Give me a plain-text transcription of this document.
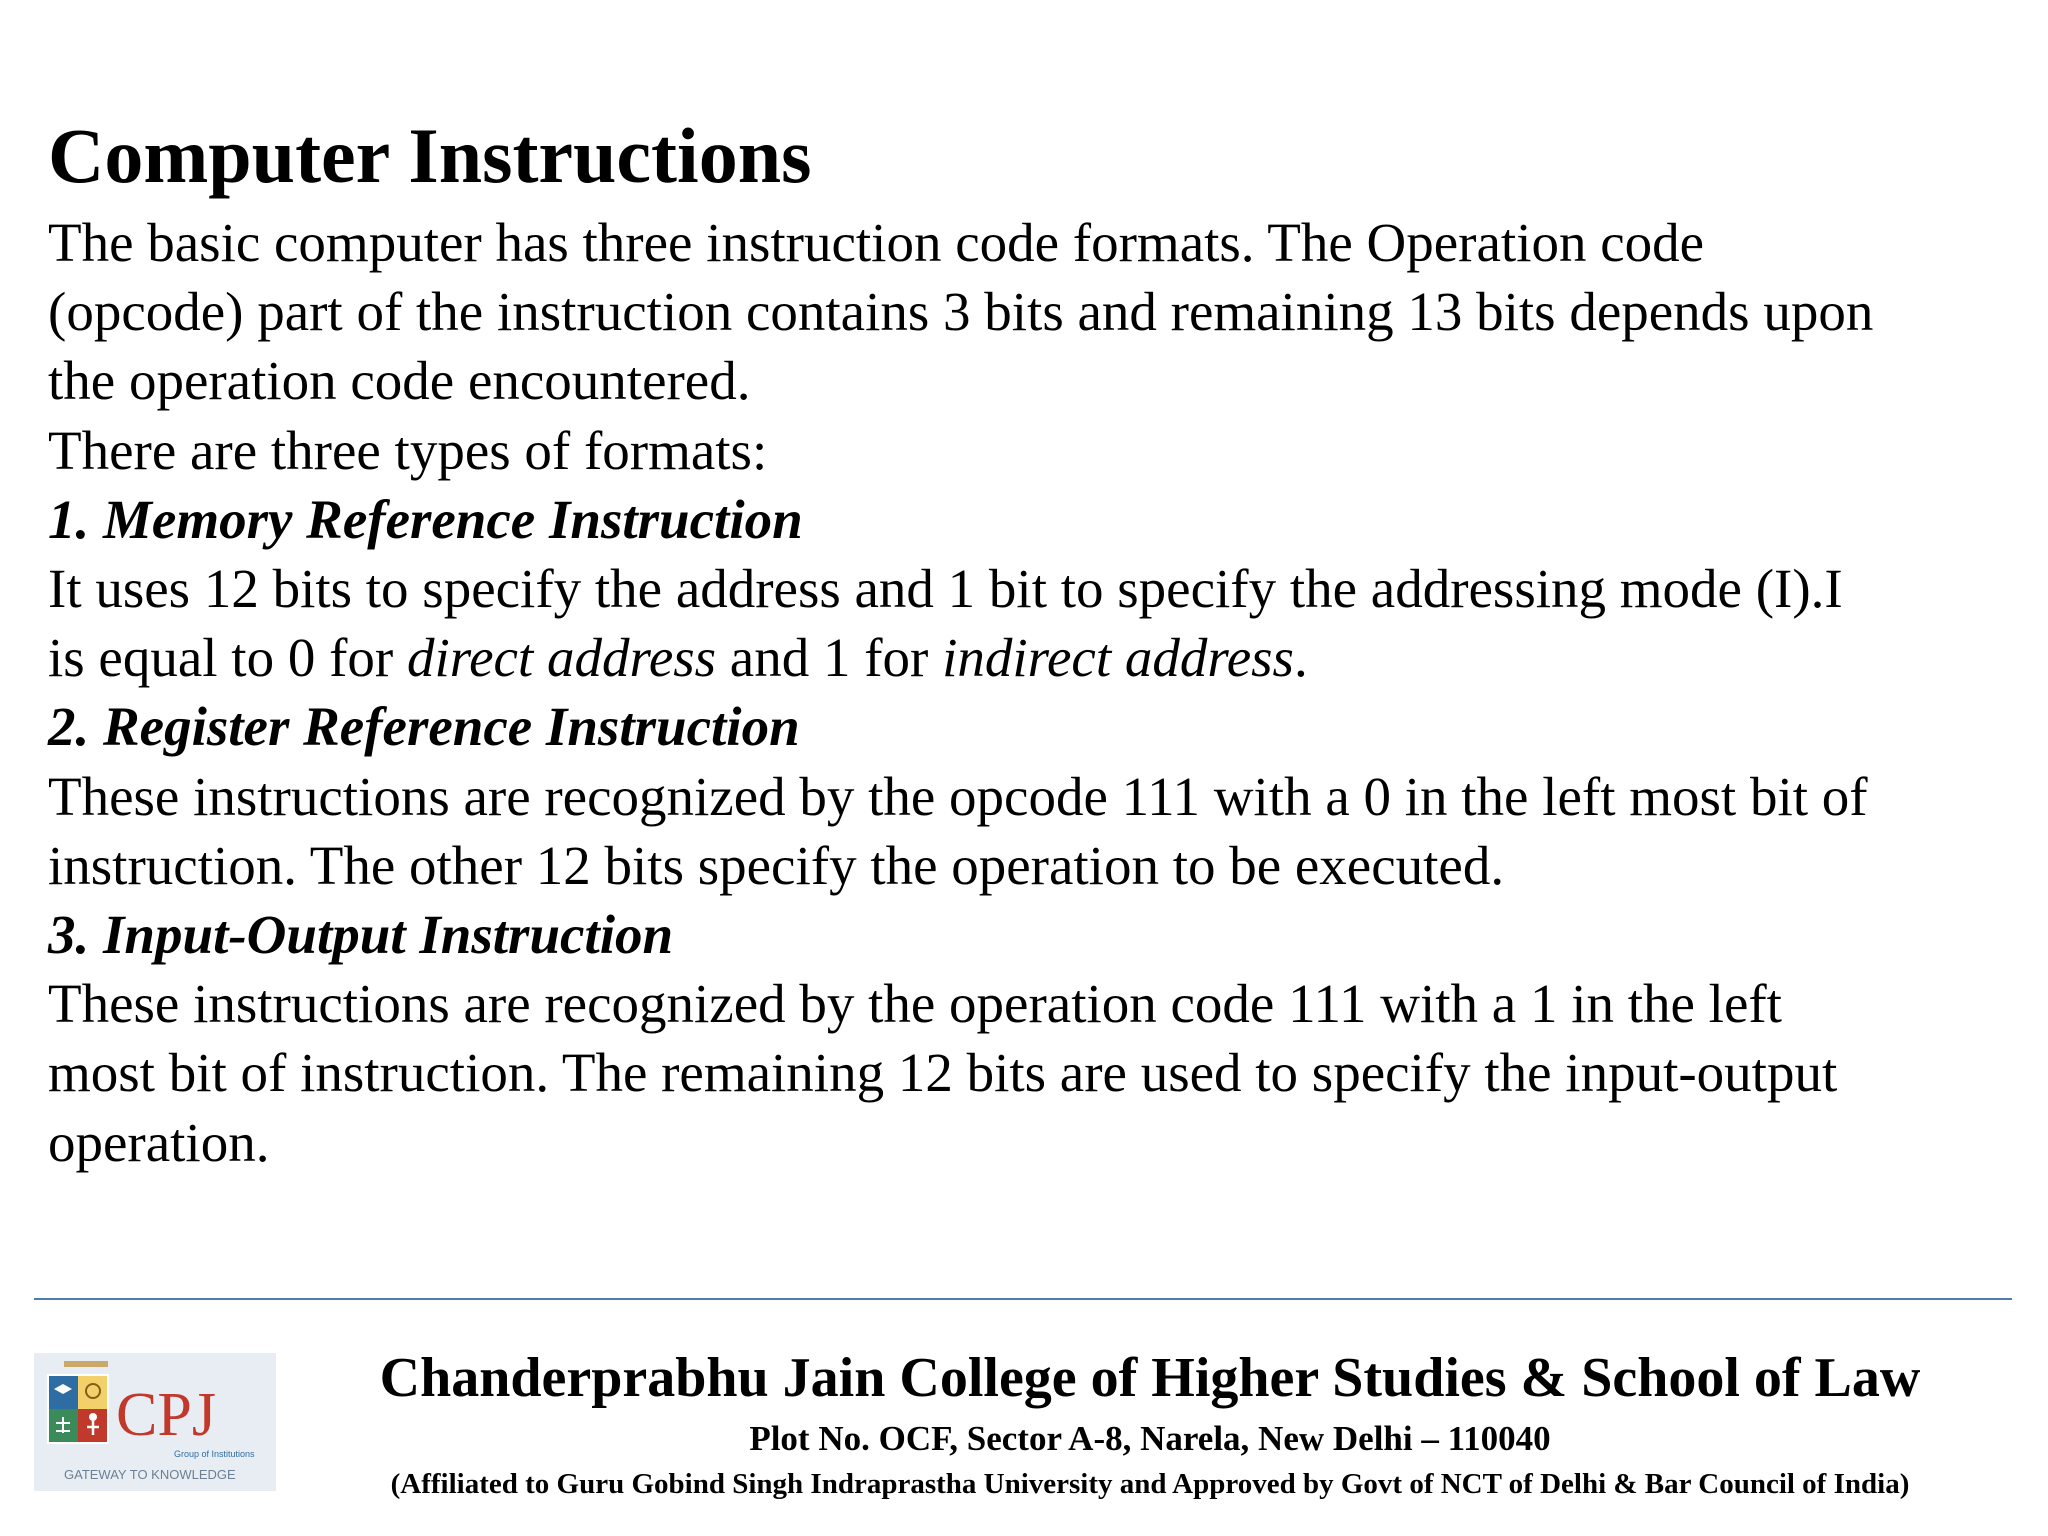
Computer Instructions

The basic computer has three instruction code formats. The Operation code

(opcode) part of the instruction contains 3 bits and remaining 13 bits depends upon

the operation code encountered.

There are three types of formats:

1. Memory Reference Instruction

It uses 12 bits to specify the address and 1 bit to specify the addressing mode (I).I

is equal to 0 for direct address and 1 for indirect address.

2. Register Reference Instruction

These instructions are recognized by the opcode 111 with a 0 in the left most bit of

instruction. The other 12 bits specify the operation to be executed.

3. Input-Output Instruction

These instructions are recognized by the operation code 111 with a 1 in the left

most bit of instruction. The remaining 12 bits are used to specify the input-output

operation.

CPJ
Group of Institutions
GATEWAY TO KNOWLEDGE
Chanderprabhu Jain College of Higher Studies & School of Law
Plot No. OCF, Sector A-8, Narela, New Delhi – 110040
(Affiliated to Guru Gobind Singh Indraprastha University and Approved by Govt of NCT of Delhi & Bar Council of India)
